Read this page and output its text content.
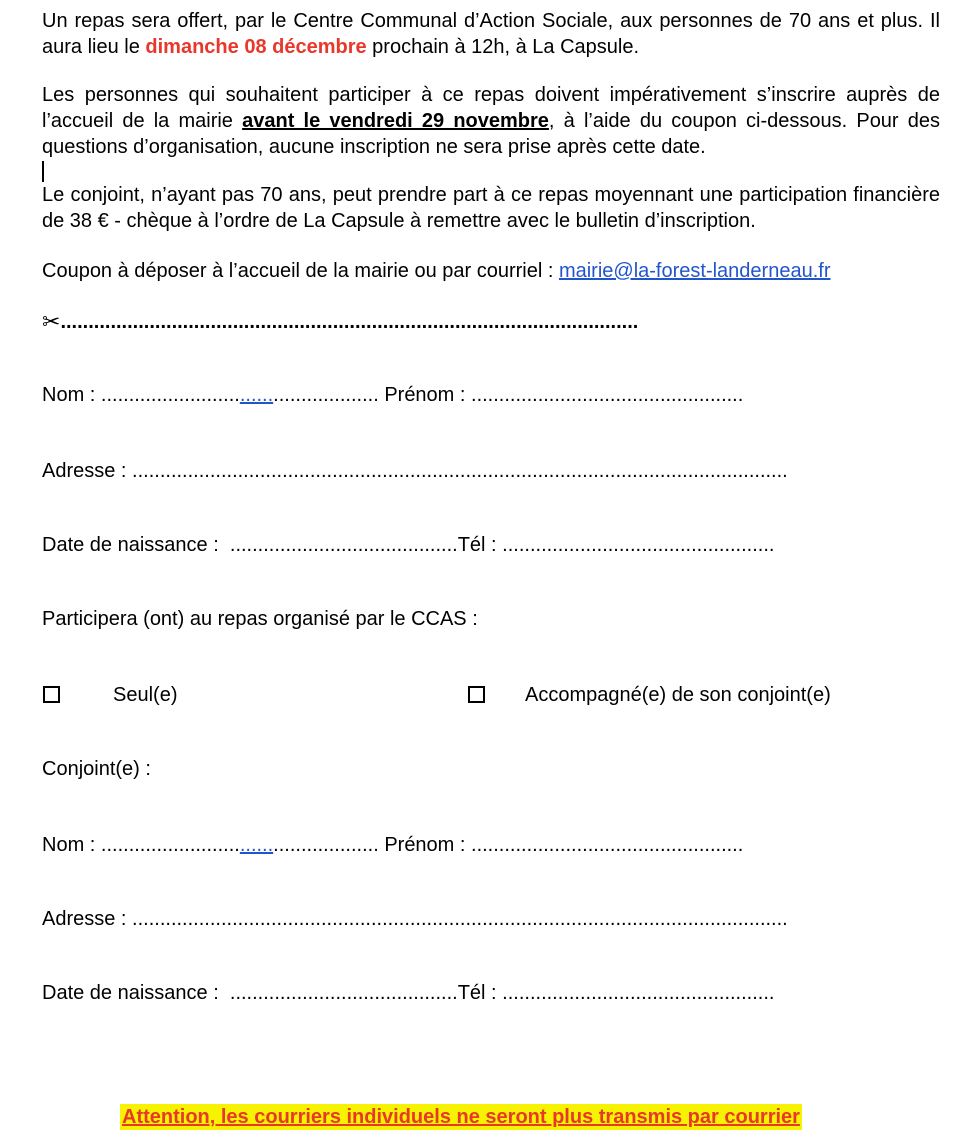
Un repas sera offert, par le Centre Communal d’Action Sociale, aux personnes de 70 ans et plus. Il aura lieu le dimanche 08 décembre prochain à 12h, à La Capsule.

Les personnes qui souhaitent participer à ce repas doivent impérativement s’inscrire auprès de l’accueil de la mairie avant le vendredi 29 novembre, à l’aide du coupon ci-dessous. Pour des questions d’organisation, aucune inscription ne sera prise après cette date.

Le conjoint, n’ayant pas 70 ans, peut prendre part à ce repas moyennant une participation financière de 38 € - chèque à l’ordre de La Capsule à remettre avec le bulletin d’inscription.

Coupon à déposer à l’accueil de la mairie ou par courriel : mairie@la-forest-landerneau.fr

✂........................................................................................................
Nom : .................................................. Prénom : .................................................
Adresse : ......................................................................................................................
Date de naissance :  .........................................Tél : .................................................
Participera (ont) au repas organisé par le CCAS :
Seul(e)	Accompagné(e) de son conjoint(e)
Conjoint(e) :
Nom : .................................................. Prénom : .................................................
Adresse : ......................................................................................................................
Date de naissance :  .........................................Tél : .................................................
Attention, les courriers individuels ne seront plus transmis par courrier
